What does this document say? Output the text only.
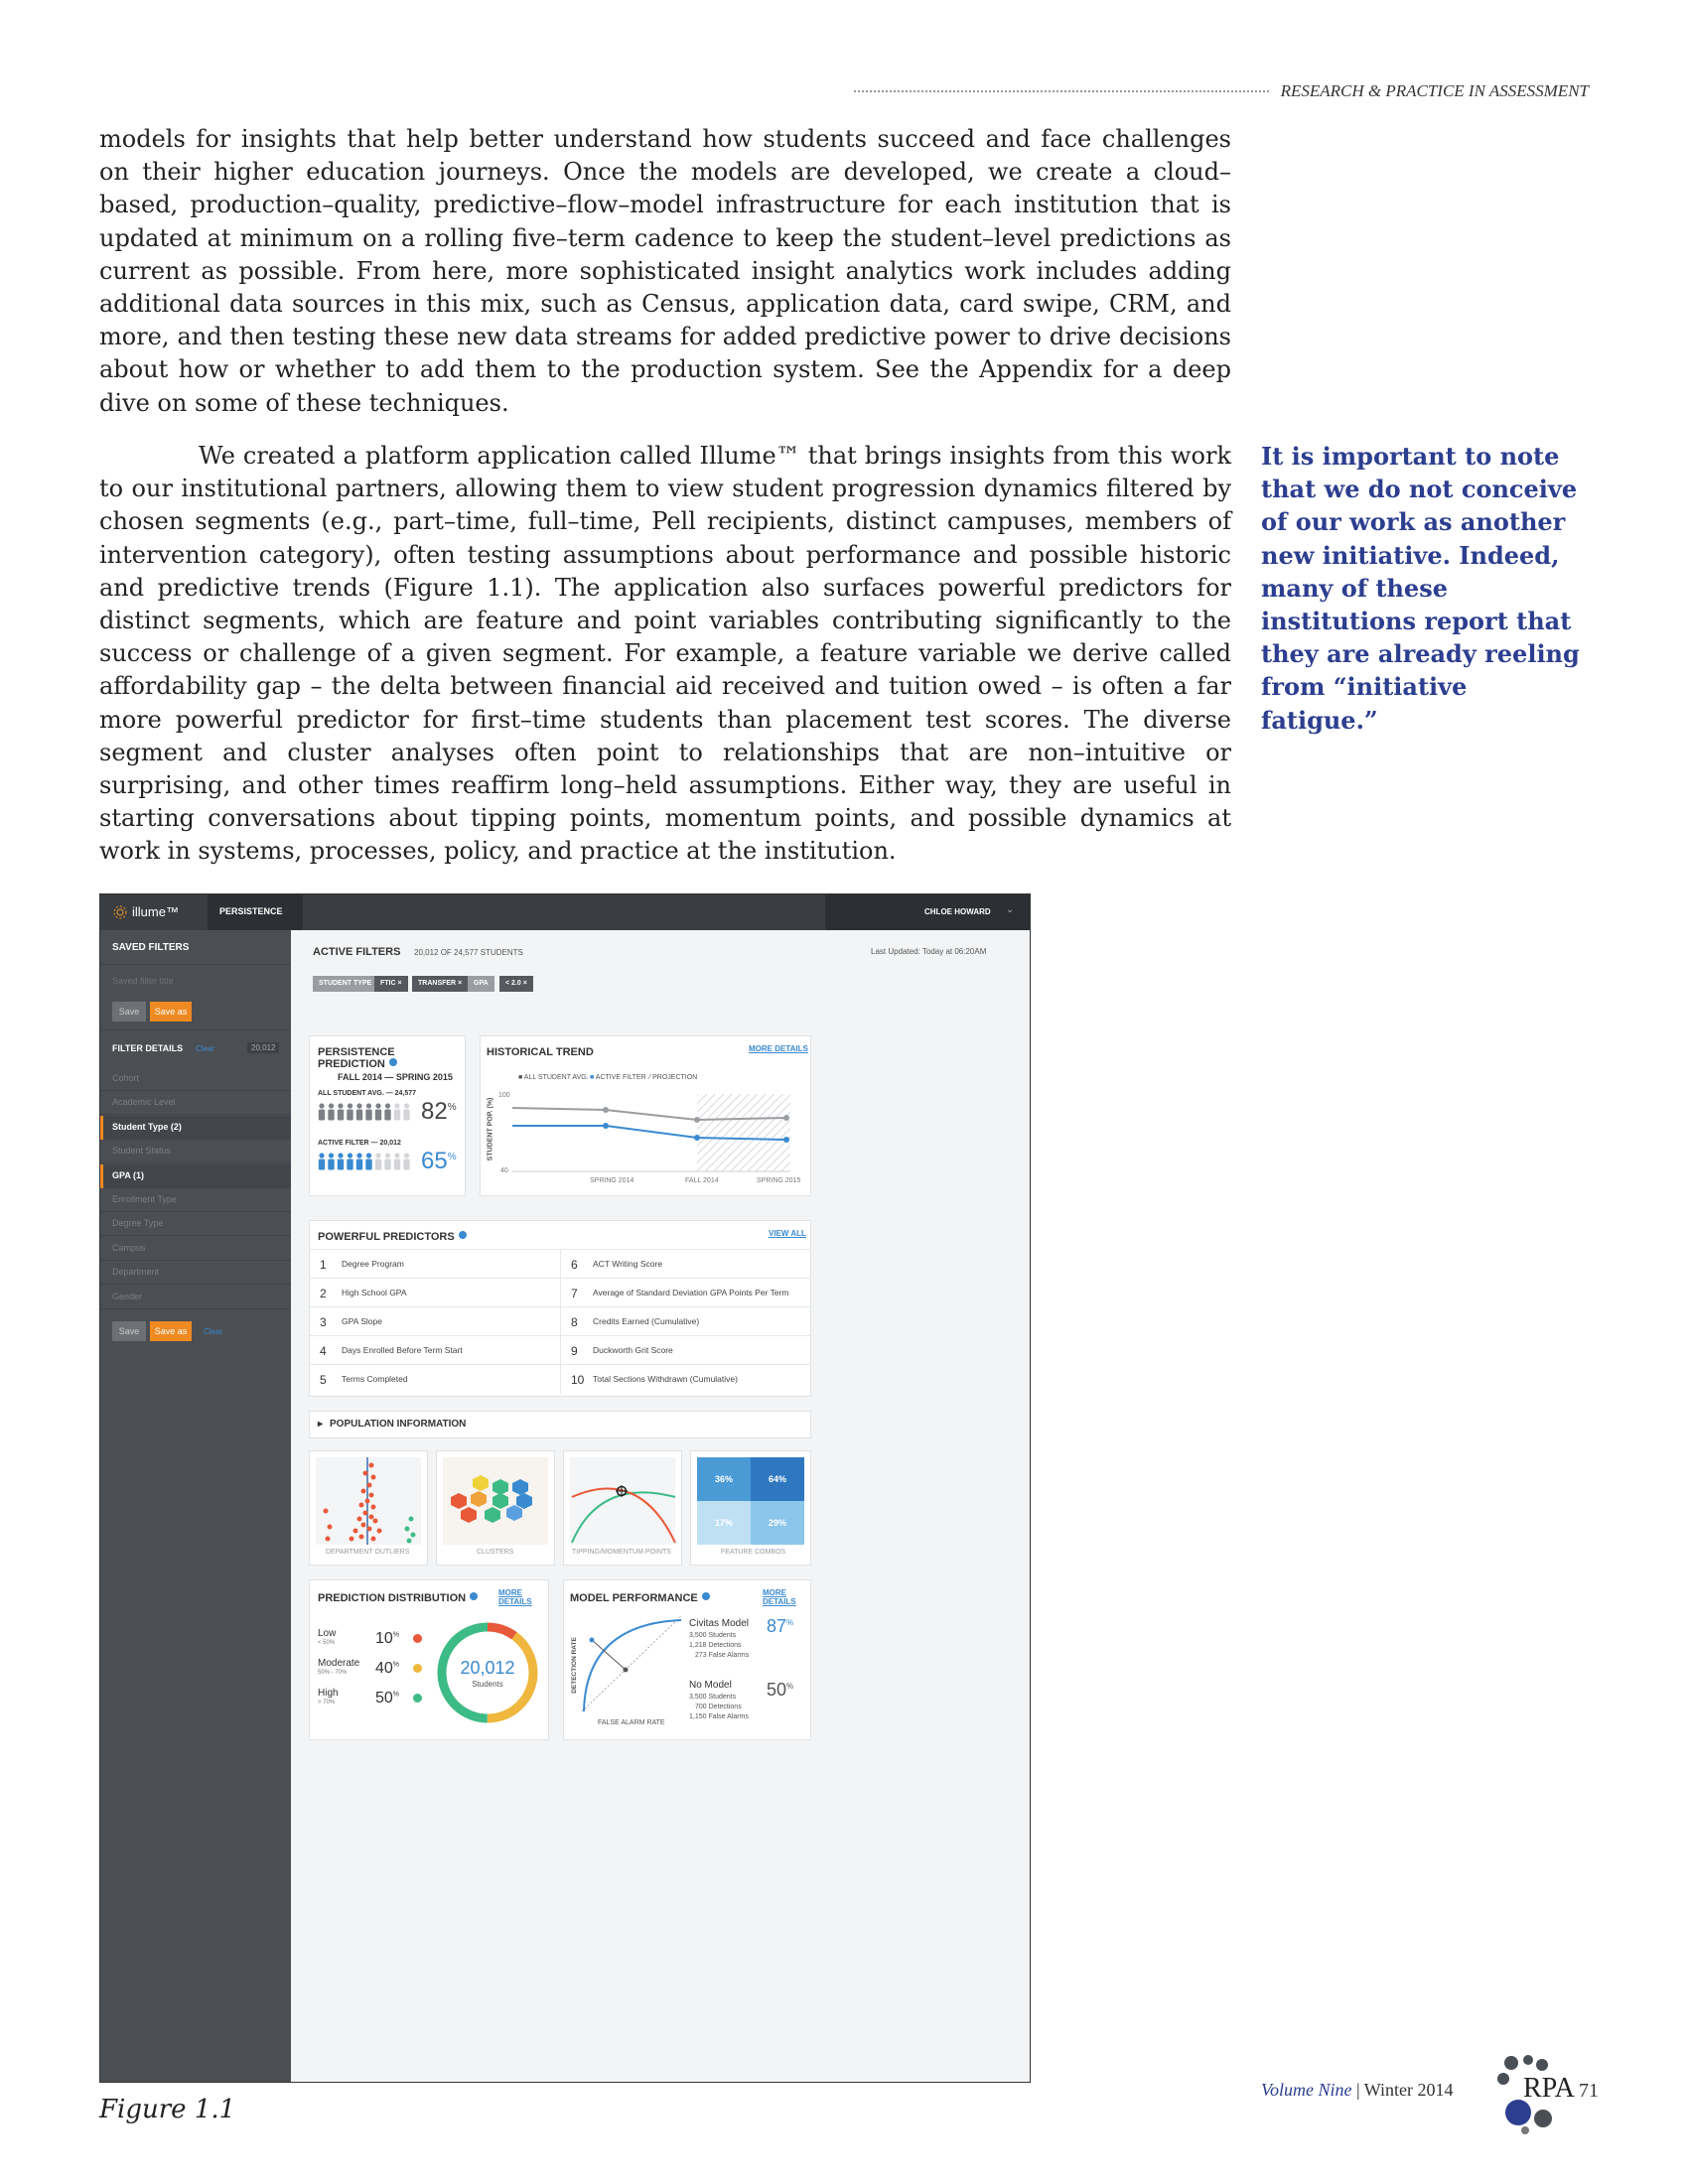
RESEARCH & PRACTICE IN ASSESSMENT

models for insights that help better understand how students succeed and face challenges on their higher education journeys. Once the models are developed, we create a cloud–based, production–quality, predictive–flow–model infrastructure for each institution that is updated at minimum on a rolling five–term cadence to keep the student–level predictions as current as possible. From here, more sophisticated insight analytics work includes adding additional data sources in this mix, such as Census, application data, card swipe, CRM, and more, and then testing these new data streams for added predictive power to drive decisions about how or whether to add them to the production system. See the Appendix for a deep dive on some of these techniques.

We created a platform application called Illume™ that brings insights from this work to our institutional partners, allowing them to view student progression dynamics filtered by chosen segments (e.g., part–time, full–time, Pell recipients, distinct campuses, members of intervention category), often testing assumptions about performance and possible historic and predictive trends (Figure 1.1). The application also surfaces powerful predictors for distinct segments, which are feature and point variables contributing significantly to the success or challenge of a given segment. For example, a feature variable we derive called affordability gap – the delta between financial aid received and tuition owed – is often a far more powerful predictor for first–time students than placement test scores. The diverse segment and cluster analyses often point to relationships that are non–intuitive or surprising, and other times reaffirm long–held assumptions. Either way, they are useful in starting conversations about tipping points, momentum points, and possible dynamics at work in systems, processes, policy, and practice at the institution.

It is important to note that we do not conceive of our work as another new initiative. Indeed, many of these institutions report that they are already reeling from “initiative fatigue.”

illume™	PERSISTENCE	CHLOE HOWARD ⌄
SAVED FILTERS
Saved filter title
Save	Save as
FILTER DETAILS Clear	20,012
Cohort
Academic Level
Student Type (2)
Student Status
GPA (1)
Enrollment Type
Degree Type
Campus
Department
Gender
Save	Save as	Clear
ACTIVE FILTERS 20,012 OF 24,577 STUDENTS	Last Updated: Today at 06:20AM
STUDENT TYPE	FTIC ×	TRANSFER ×	GPA	< 2.0 ×
PERSISTENCE PREDICTION
FALL 2014 — SPRING 2015
ALL STUDENT AVG. — 24,577
82%
ACTIVE FILTER — 20,012
65%
HISTORICAL TREND	MORE DETAILS
■ ALL STUDENT AVG. ■ ACTIVE FILTER ⁄ PROJECTION
STUDENT POP. (%)
100
40
SPRING 2014	FALL 2014	SPRING 2015
POWERFUL PREDICTORS	VIEW ALL
1 Degree Program
2 High School GPA
3 GPA Slope
4 Days Enrolled Before Term Start
5 Terms Completed
6 ACT Writing Score
7 Average of Standard Deviation GPA Points Per Term
8 Credits Earned (Cumulative)
9 Duckworth Grit Score
10 Total Sections Withdrawn (Cumulative)
▸ POPULATION INFORMATION
DEPARTMENT OUTLIERS	CLUSTERS	TIPPING/MOMENTUM POINTS
36%	64%
17%	29%
FEATURE COMBOS
PREDICTION DISTRIBUTION	MORE DETAILS
Low
< 50%	10%
Moderate
50% - 70% 40%
High
> 70%	50%
20,012
Students
MODEL PERFORMANCE	MORE DETAILS
DETECTION RATE
FALSE ALARM RATE
Civitas Model 87%
3,500 Students
1,218 Detections
273 False Alarms
No Model 50%
3,500 Students
700 Detections
1,150 False Alarms
Figure 1.1
Volume Nine | Winter 2014	RPA 71
